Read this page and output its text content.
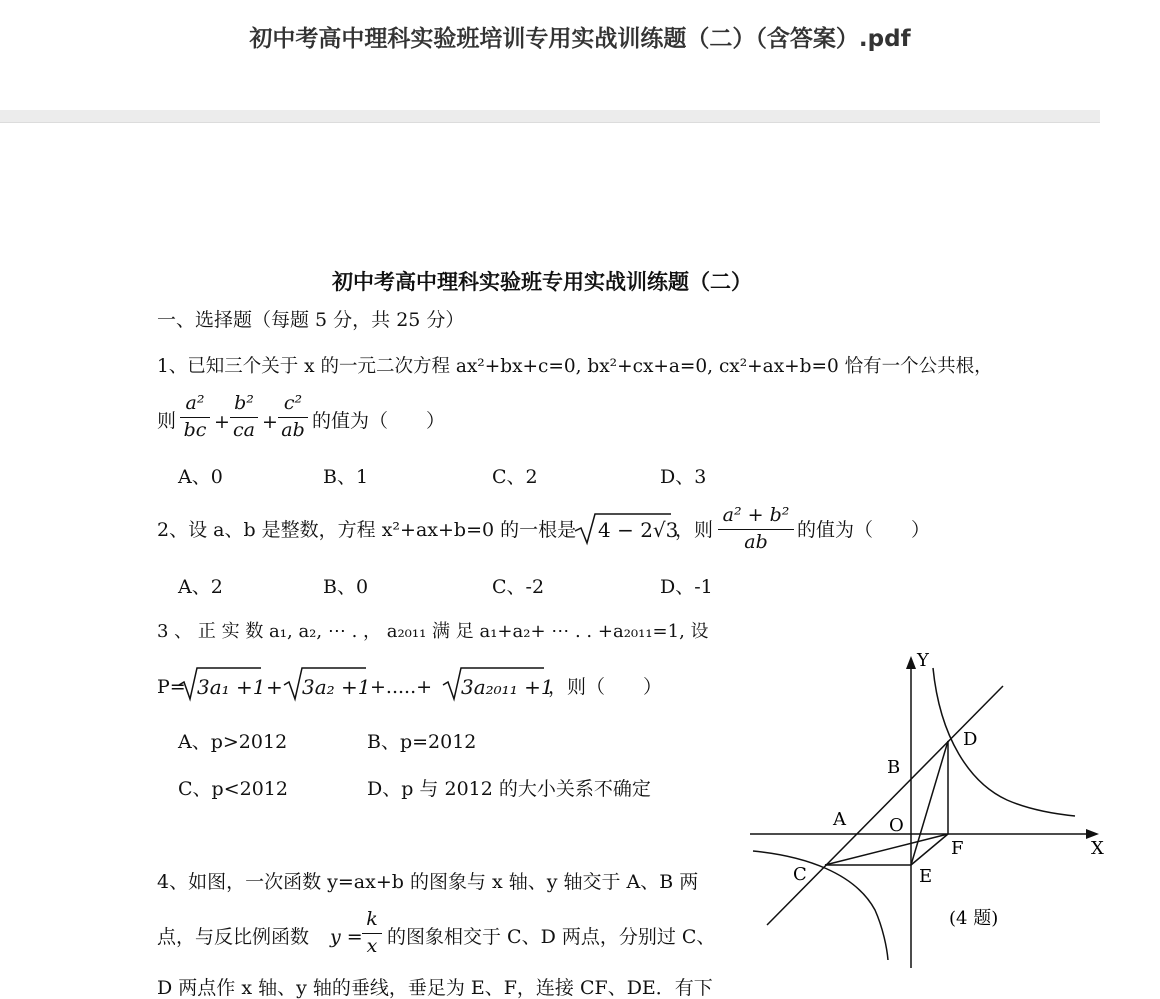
初中考高中理科实验班培训专用实战训练题（二）（含答案）.pdf
初中考高中理科实验班专用实战训练题（二）
一、选择题（每题 5 分，共 25 分）
1、已知三个关于 x 的一元二次方程 ax²+bx+c=0, bx²+cx+a=0, cx²+ax+b=0 恰有一个公共根，
则
a²
bc +
b²
ca +
c²
ab 的值为（　　）
A、0	B、1	C、2	D、3
2、设 a、b 是整数，方程 x²+ax+b=0 的一根是 4 − 2√3
，则
a² + b²
ab
的值为（　　）
A、2	B、0	C、-2	D、-1
3 、 正 实 数 a₁, a₂, ⋯ . ， a₂₀₁₁ 满 足 a₁+a₂+ ⋯ . . +a₂₀₁₁=1, 设
P= 3a₁ +1 + 3a₂ +1 +.....+ 3a₂₀₁₁ +1
，则（　　）
A、p>2012	B、p=2012
C、p<2012	D、p 与 2012 的大小关系不确定
4、如图，一次函数 y=ax+b 的图象与 x 轴、y 轴交于 A、B 两
点，与反比例函数 y =
k
x 的图象相交于 C、D 两点，分别过 C、
D 两点作 x 轴、y 轴的垂线，垂足为 E、F，连接 CF、DE．有下
Y
X
A
B
O
C
D
E
F
(4 题)
